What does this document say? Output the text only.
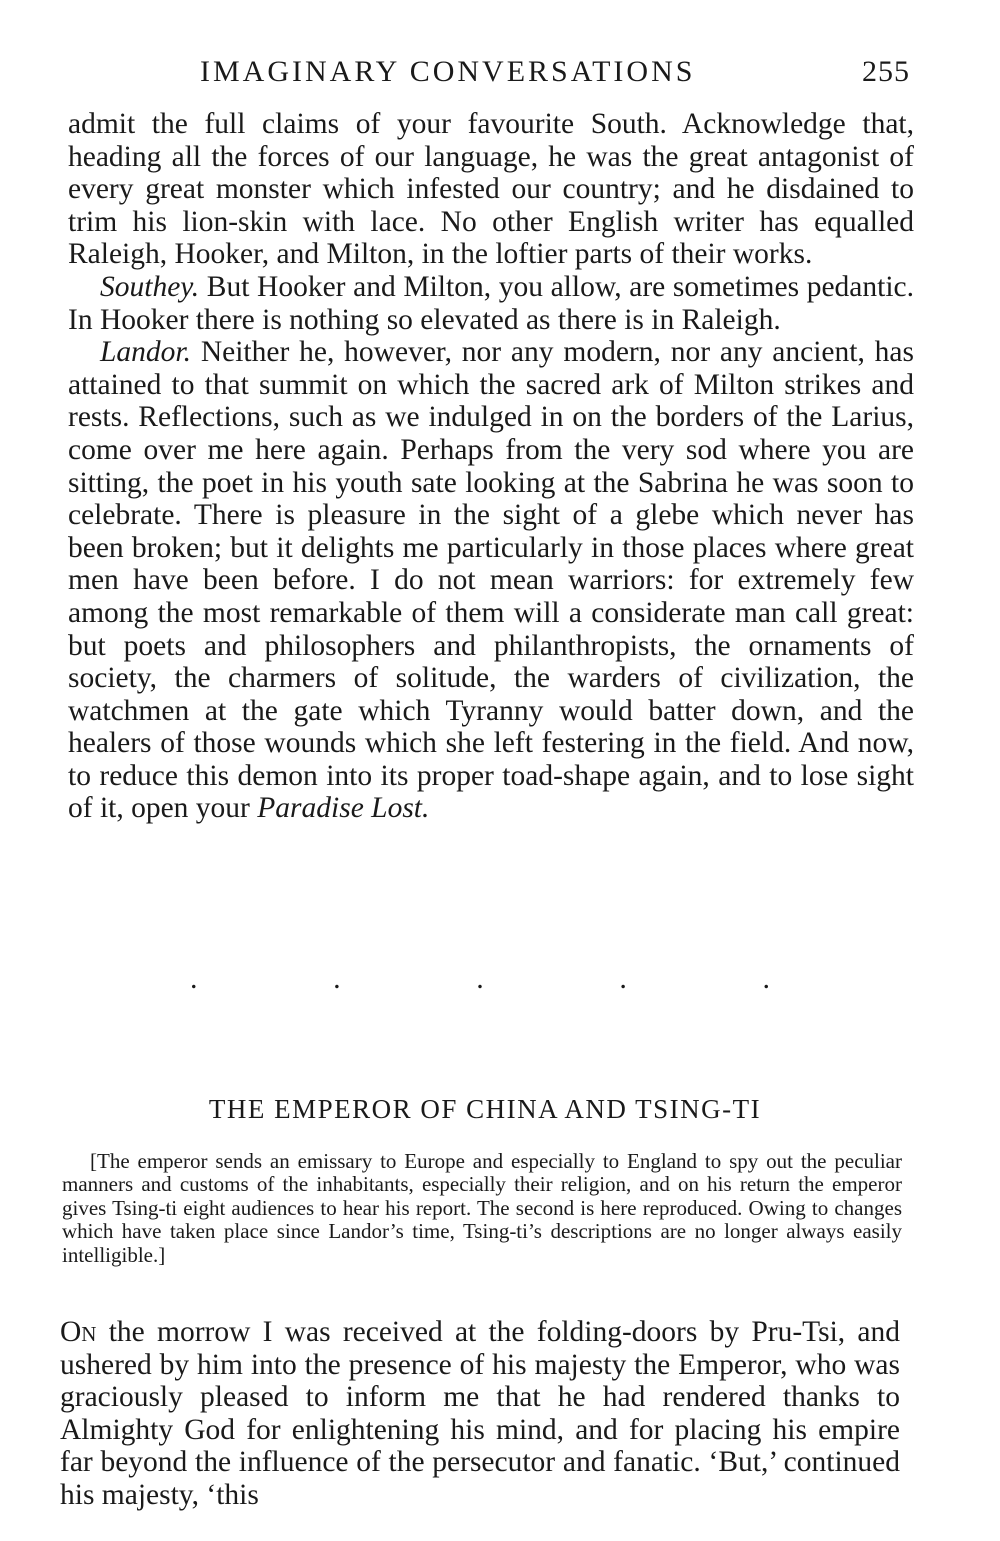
IMAGINARY CONVERSATIONS	255

admit the full claims of your favourite South. Acknowledge that, heading all the forces of our language, he was the great antagonist of every great monster which infested our country; and he disdained to trim his lion-skin with lace. No other English writer has equalled Raleigh, Hooker, and Milton, in the loftier parts of their works.

Southey. But Hooker and Milton, you allow, are sometimes pedantic. In Hooker there is nothing so elevated as there is in Raleigh.

Landor. Neither he, however, nor any modern, nor any ancient, has attained to that summit on which the sacred ark of Milton strikes and rests. Reflections, such as we indulged in on the borders of the Larius, come over me here again. Perhaps from the very sod where you are sitting, the poet in his youth sate looking at the Sabrina he was soon to celebrate. There is pleasure in the sight of a glebe which never has been broken; but it delights me particularly in those places where great men have been before. I do not mean warriors: for extremely few among the most remarkable of them will a considerate man call great: but poets and philosophers and philanthropists, the ornaments of society, the charmers of solitude, the warders of civilization, the watchmen at the gate which Tyranny would batter down, and the healers of those wounds which she left festering in the field. And now, to reduce this demon into its proper toad-shape again, and to lose sight of it, open your Paradise Lost.

.	.	.	.	.
THE EMPEROR OF CHINA AND TSING-TI

[The emperor sends an emissary to Europe and especially to England to spy out the peculiar manners and customs of the inhabitants, especially their religion, and on his return the emperor gives Tsing-ti eight audiences to hear his report. The second is here reproduced. Owing to changes which have taken place since Landor’s time, Tsing-ti’s descriptions are no longer always easily intelligible.]

On the morrow I was received at the folding-doors by Pru-Tsi, and ushered by him into the presence of his majesty the Emperor, who was graciously pleased to inform me that he had rendered thanks to Almighty God for enlightening his mind, and for placing his empire far beyond the influence of the persecutor and fanatic. ‘But,’ continued his majesty, ‘this
